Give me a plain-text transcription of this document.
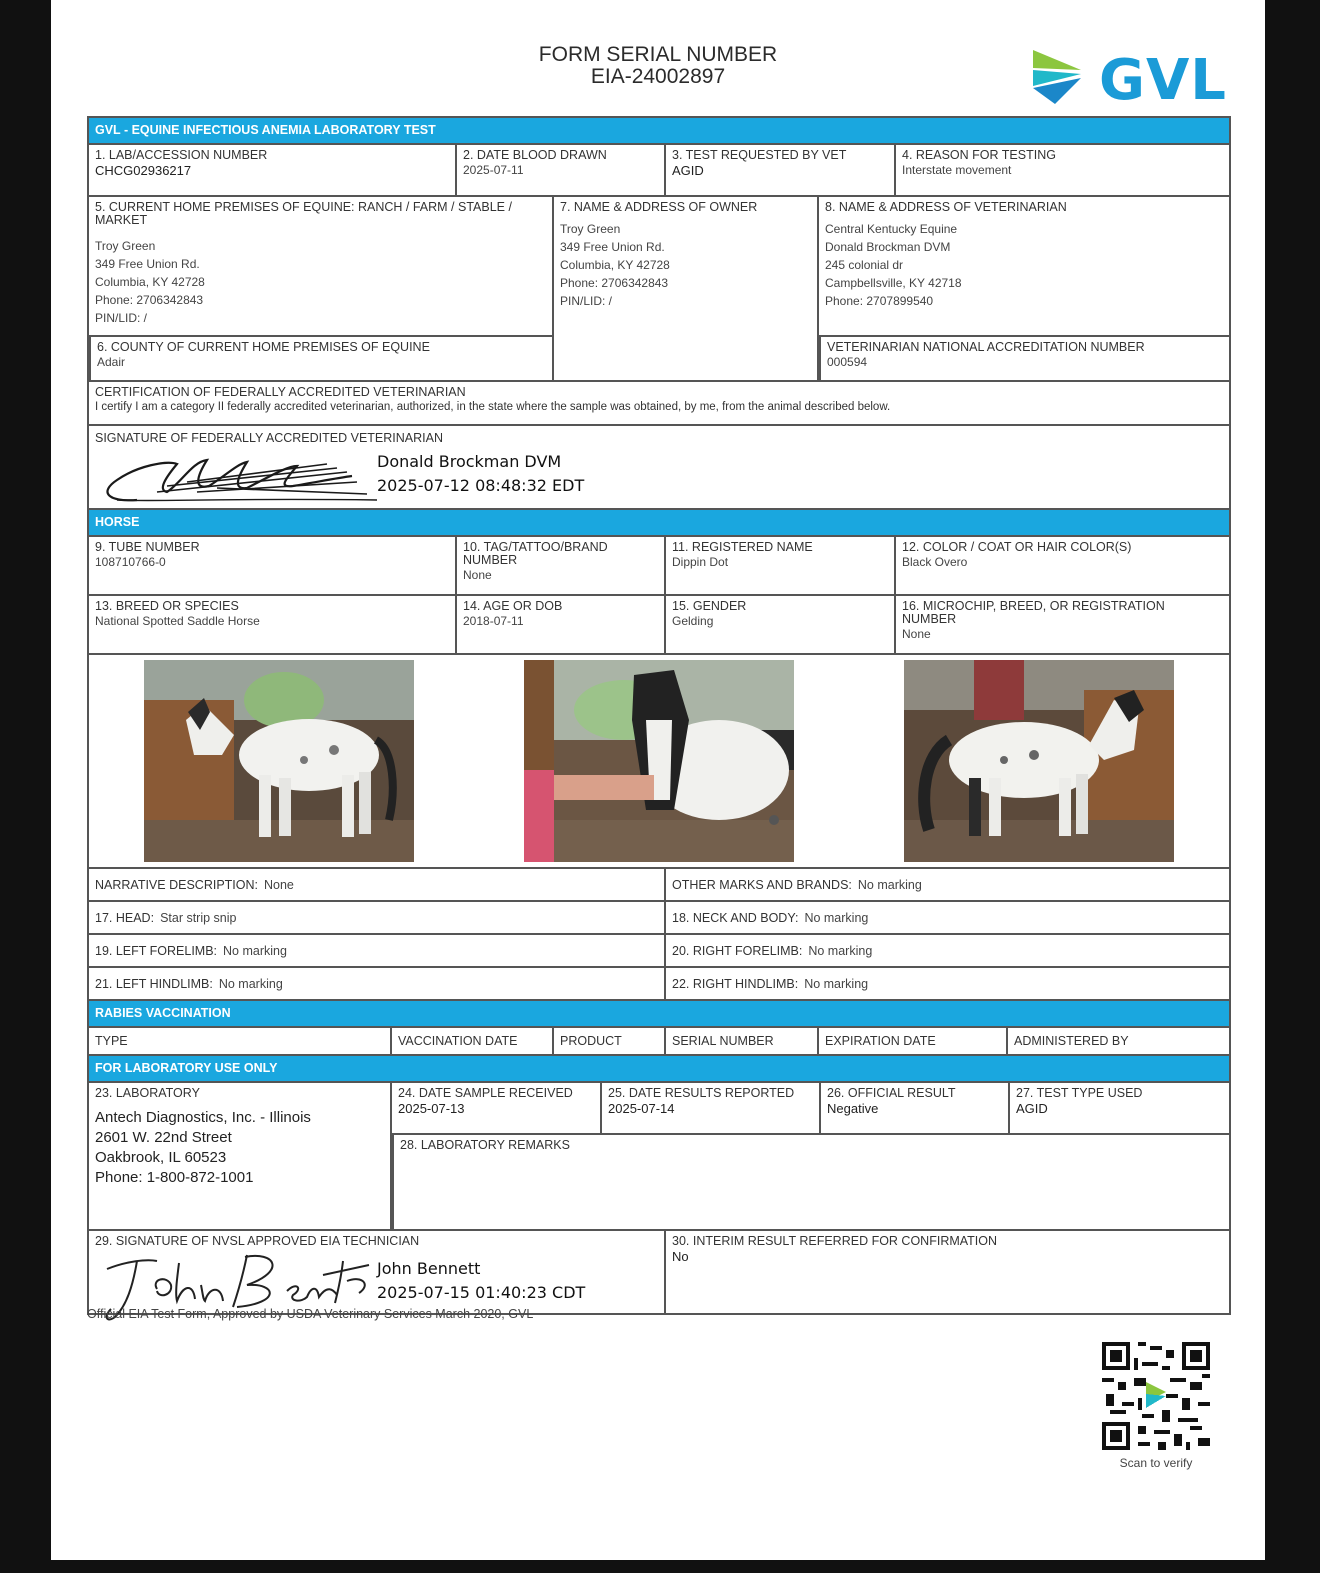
FORM SERIAL NUMBER
EIA-24002897	GVL
GVL - EQUINE INFECTIOUS ANEMIA LABORATORY TEST
1. LAB/ACCESSION NUMBER
CHCG02936217
2. DATE BLOOD DRAWN
2025-07-11
3. TEST REQUESTED BY VET
AGID
4. REASON FOR TESTING
Interstate movement
5. CURRENT HOME PREMISES OF EQUINE: RANCH / FARM / STABLE / MARKET
Troy Green
349 Free Union Rd.
Columbia, KY 42728
Phone: 2706342843
PIN/LID: /
6. COUNTY OF CURRENT HOME PREMISES OF EQUINE
Adair
7. NAME & ADDRESS OF OWNER
Troy Green
349 Free Union Rd.
Columbia, KY 42728
Phone: 2706342843
PIN/LID: /
8. NAME & ADDRESS OF VETERINARIAN
Central Kentucky Equine
Donald Brockman DVM
245 colonial dr
Campbellsville, KY 42718
Phone: 2707899540
VETERINARIAN NATIONAL ACCREDITATION NUMBER
000594
CERTIFICATION OF FEDERALLY ACCREDITED VETERINARIAN
I certify I am a category II federally accredited veterinarian, authorized, in the state where the sample was obtained, by me, from the animal described below.
SIGNATURE OF FEDERALLY ACCREDITED VETERINARIAN
Donald Brockman DVM
2025-07-12 08:48:32 EDT
HORSE
9. TUBE NUMBER
108710766-0
10. TAG/TATTOO/BRAND NUMBER
None
11. REGISTERED NAME
Dippin Dot
12. COLOR / COAT OR HAIR COLOR(S)
Black Overo
13. BREED OR SPECIES
National Spotted Saddle Horse
14. AGE OR DOB
2018-07-11
15. GENDER
Gelding
16. MICROCHIP, BREED, OR REGISTRATION NUMBER
None
NARRATIVE DESCRIPTION: None	OTHER MARKS AND BRANDS: No marking
17. HEAD: Star strip snip	18. NECK AND BODY: No marking
19. LEFT FORELIMB: No marking	20. RIGHT FORELIMB: No marking
21. LEFT HINDLIMB: No marking	22. RIGHT HINDLIMB: No marking
RABIES VACCINATION
TYPE	VACCINATION DATE	PRODUCT	SERIAL NUMBER	EXPIRATION DATE	ADMINISTERED BY
FOR LABORATORY USE ONLY
23. LABORATORY
Antech Diagnostics, Inc. - Illinois
2601 W. 22nd Street
Oakbrook, IL 60523
Phone: 1-800-872-1001
24. DATE SAMPLE RECEIVED
2025-07-13
25. DATE RESULTS REPORTED
2025-07-14
26. OFFICIAL RESULT
Negative
27. TEST TYPE USED
AGID
28. LABORATORY REMARKS
29. SIGNATURE OF NVSL APPROVED EIA TECHNICIAN
John Bennett
2025-07-15 01:40:23 CDT
30. INTERIM RESULT REFERRED FOR CONFIRMATION
No
Official EIA Test Form, Approved by USDA Veterinary Services March 2020, GVL
Scan to verify
